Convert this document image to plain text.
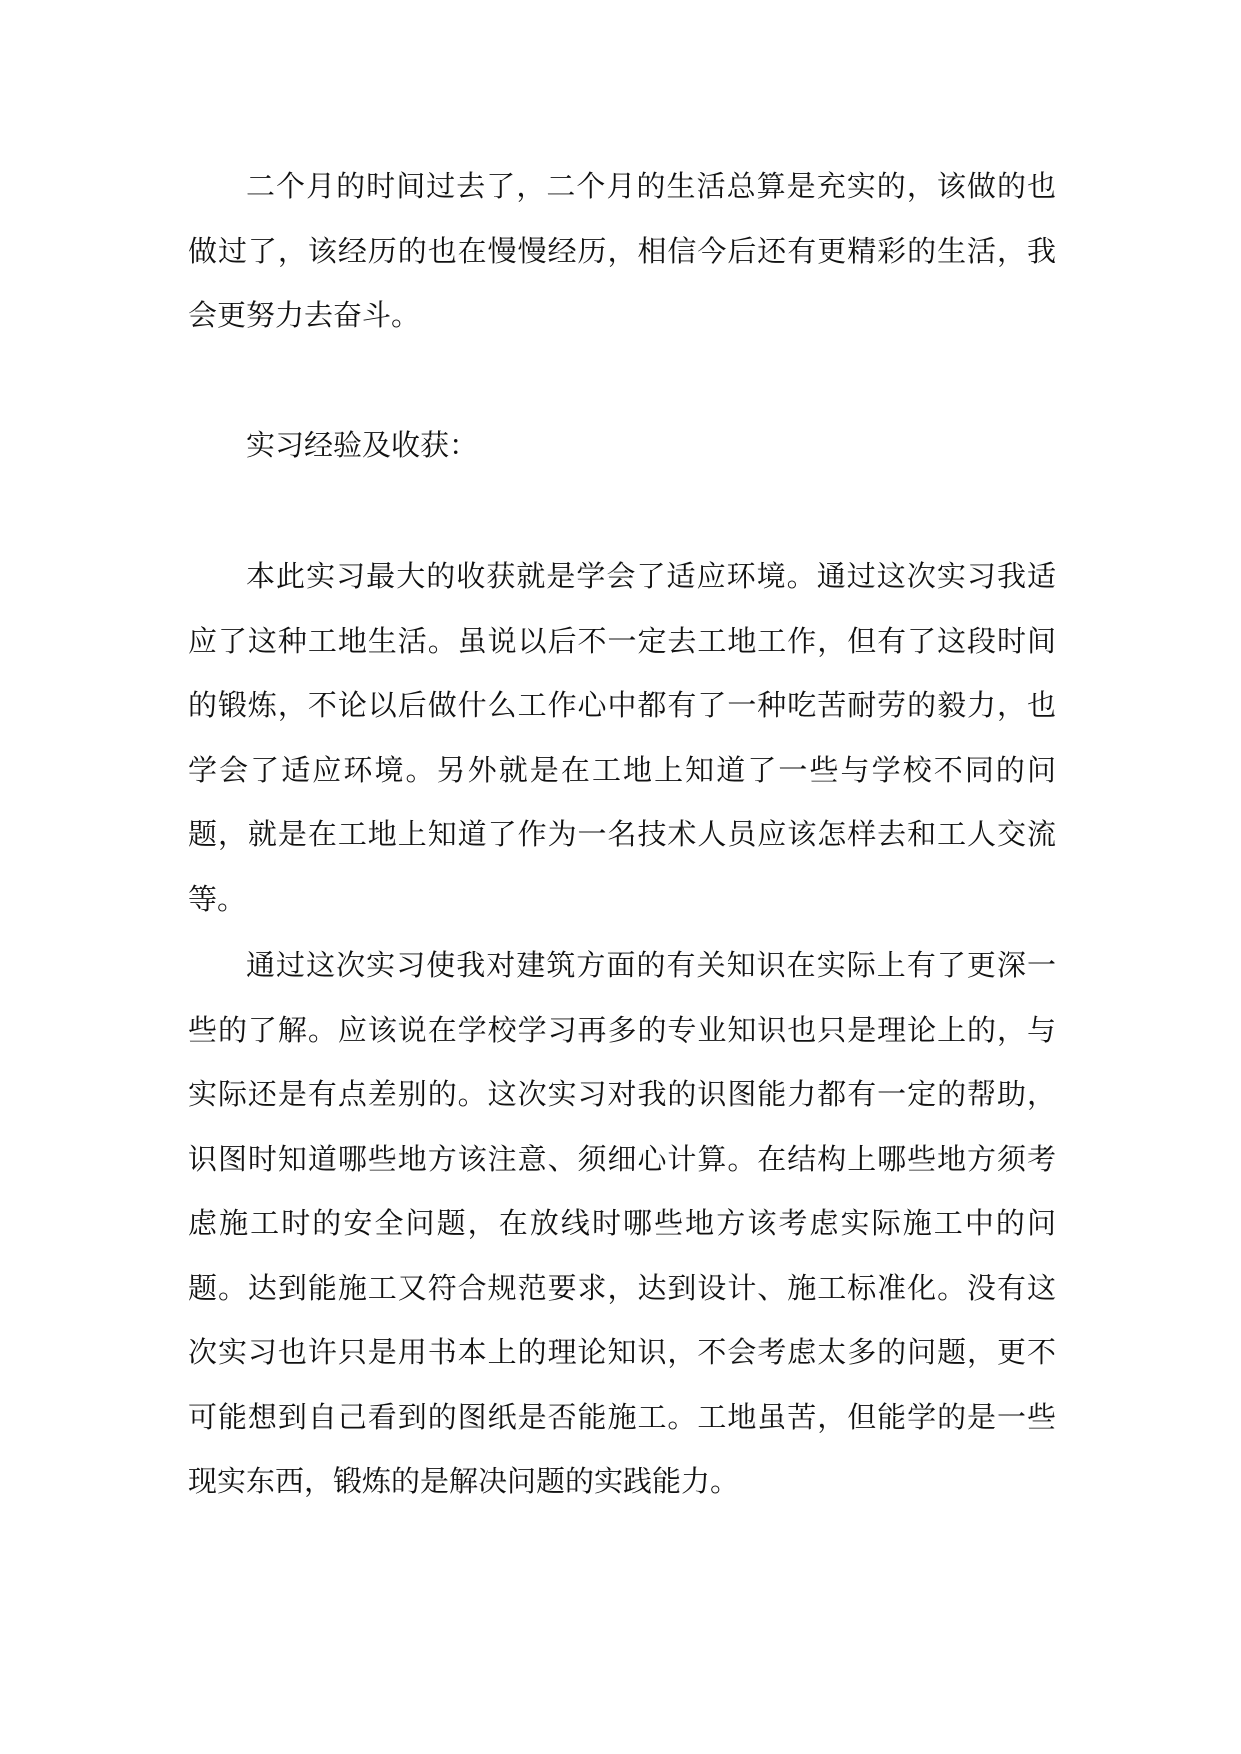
二个月的时间过去了，二个月的生活总算是充实的，该做的也做过了，该经历的也在慢慢经历，相信今后还有更精彩的生活，我会更努力去奋斗。

实习经验及收获：

本此实习最大的收获就是学会了适应环境。通过这次实习我适应了这种工地生活。虽说以后不一定去工地工作，但有了这段时间的锻炼，不论以后做什么工作心中都有了一种吃苦耐劳的毅力，也学会了适应环境。另外就是在工地上知道了一些与学校不同的问题，就是在工地上知道了作为一名技术人员应该怎样去和工人交流等。

通过这次实习使我对建筑方面的有关知识在实际上有了更深一些的了解。应该说在学校学习再多的专业知识也只是理论上的，与实际还是有点差别的。这次实习对我的识图能力都有一定的帮助，识图时知道哪些地方该注意、须细心计算。在结构上哪些地方须考虑施工时的安全问题，在放线时哪些地方该考虑实际施工中的问题。达到能施工又符合规范要求，达到设计、施工标准化。没有这次实习也许只是用书本上的理论知识，不会考虑太多的问题，更不可能想到自己看到的图纸是否能施工。工地虽苦，但能学的是一些现实东西，锻炼的是解决问题的实践能力。
